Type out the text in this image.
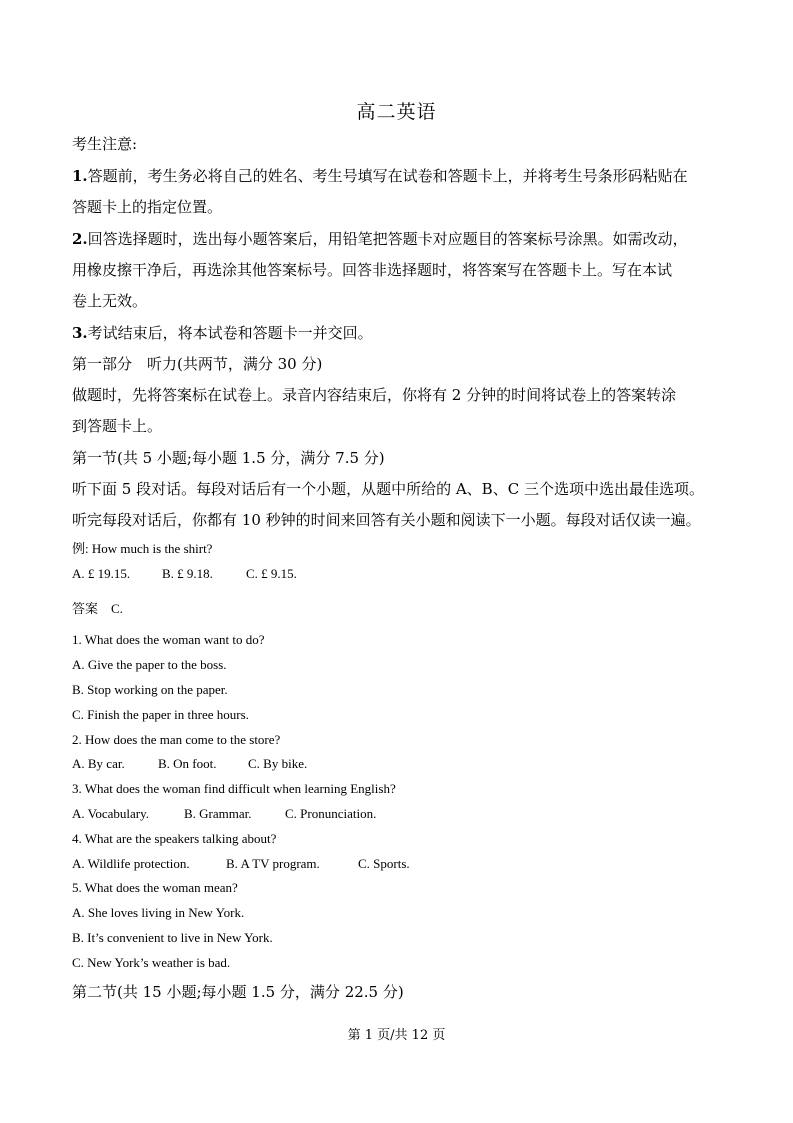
高二英语
考生注意:
1.答题前，考生务必将自己的姓名、考生号填写在试卷和答题卡上，并将考生号条形码粘贴在
答题卡上的指定位置。
2.回答选择题时，选出每小题答案后，用铅笔把答题卡对应题目的答案标号涂黑。如需改动，
用橡皮擦干净后，再选涂其他答案标号。回答非选择题时，将答案写在答题卡上。写在本试
卷上无效。
3.考试结束后，将本试卷和答题卡一并交回。
第一部分　听力(共两节，满分 30 分)
做题时，先将答案标在试卷上。录音内容结束后，你将有 2 分钟的时间将试卷上的答案转涂
到答题卡上。
第一节(共 5 小题;每小题 1.5 分，满分 7.5 分)
听下面 5 段对话。每段对话后有一个小题，从题中所给的 A、B、C 三个选项中选出最佳选项。
听完每段对话后，你都有 10 秒钟的时间来回答有关小题和阅读下一小题。每段对话仅读一遍。
例: How much is the shirt?
A. £ 19.15. B. £ 9.18.	C. £ 9.15.
答案　C.
1. What does the woman want to do?
A. Give the paper to the boss.
B. Stop working on the paper.
C. Finish the paper in three hours.
2. How does the man come to the store?
A. By car.	B. On foot. C. By bike.
3. What does the woman find difficult when learning English?
A. Vocabulary.	B. Grammar.	C. Pronunciation.
4. What are the speakers talking about?
A. Wildlife protection.	B. A TV program.	C. Sports.
5. What does the woman mean?
A. She loves living in New York.
B. It’s convenient to live in New York.
C. New York’s weather is bad.
第二节(共 15 小题;每小题 1.5 分，满分 22.5 分)
第 1 页/共 12 页
